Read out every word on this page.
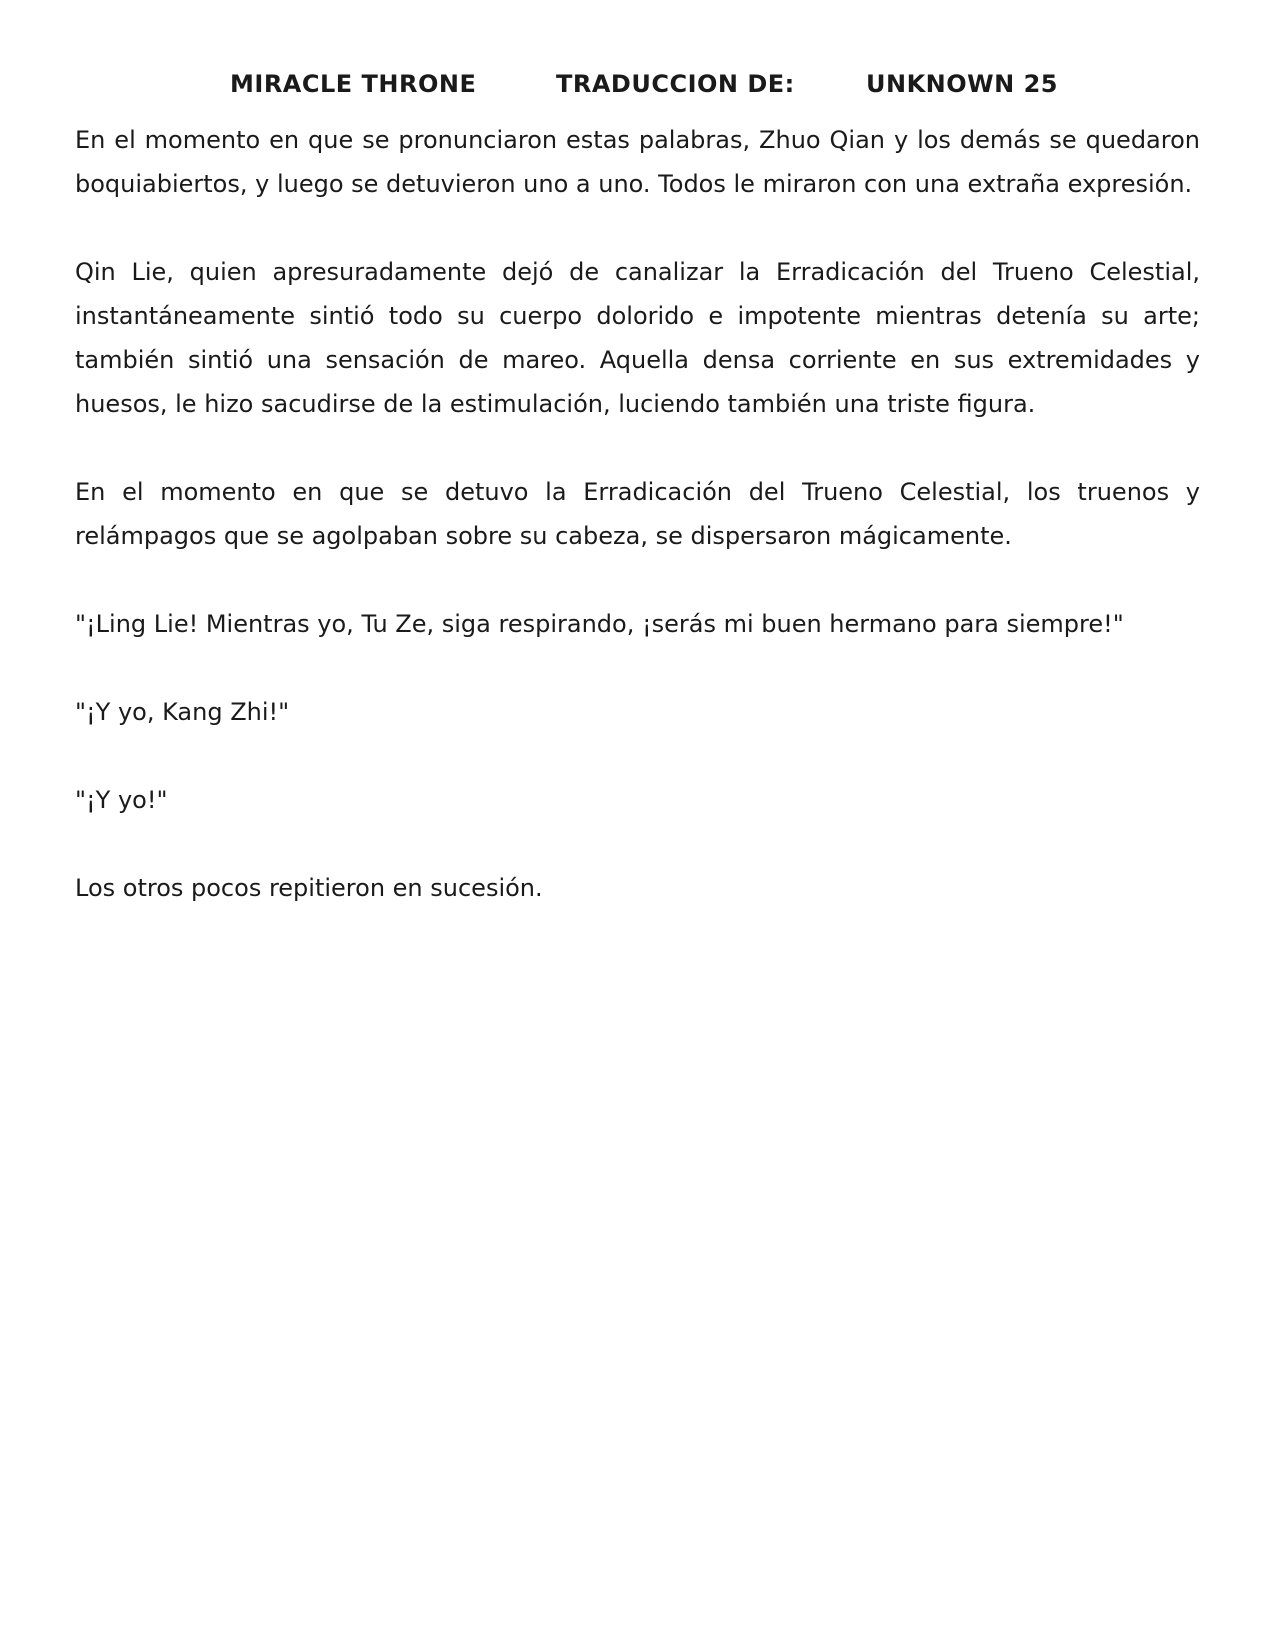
MIRACLE THRONE	TRADUCCION DE:	UNKNOWN 25

En el momento en que se pronunciaron estas palabras, Zhuo Qian y los demás se quedaron boquiabiertos, y luego se detuvieron uno a uno. Todos le miraron con una extraña expresión.

Qin Lie, quien apresuradamente dejó de canalizar la Erradicación del Trueno Celestial, instantáneamente sintió todo su cuerpo dolorido e impotente mientras detenía su arte; también sintió una sensación de mareo. Aquella densa corriente en sus extremidades y huesos, le hizo sacudirse de la estimulación, luciendo también una triste figura.

En el momento en que se detuvo la Erradicación del Trueno Celestial, los truenos y relámpagos que se agolpaban sobre su cabeza, se dispersaron mágicamente.

"¡Ling Lie! Mientras yo, Tu Ze, siga respirando, ¡serás mi buen hermano para siempre!"

"¡Y yo, Kang Zhi!"

"¡Y yo!"

Los otros pocos repitieron en sucesión.
